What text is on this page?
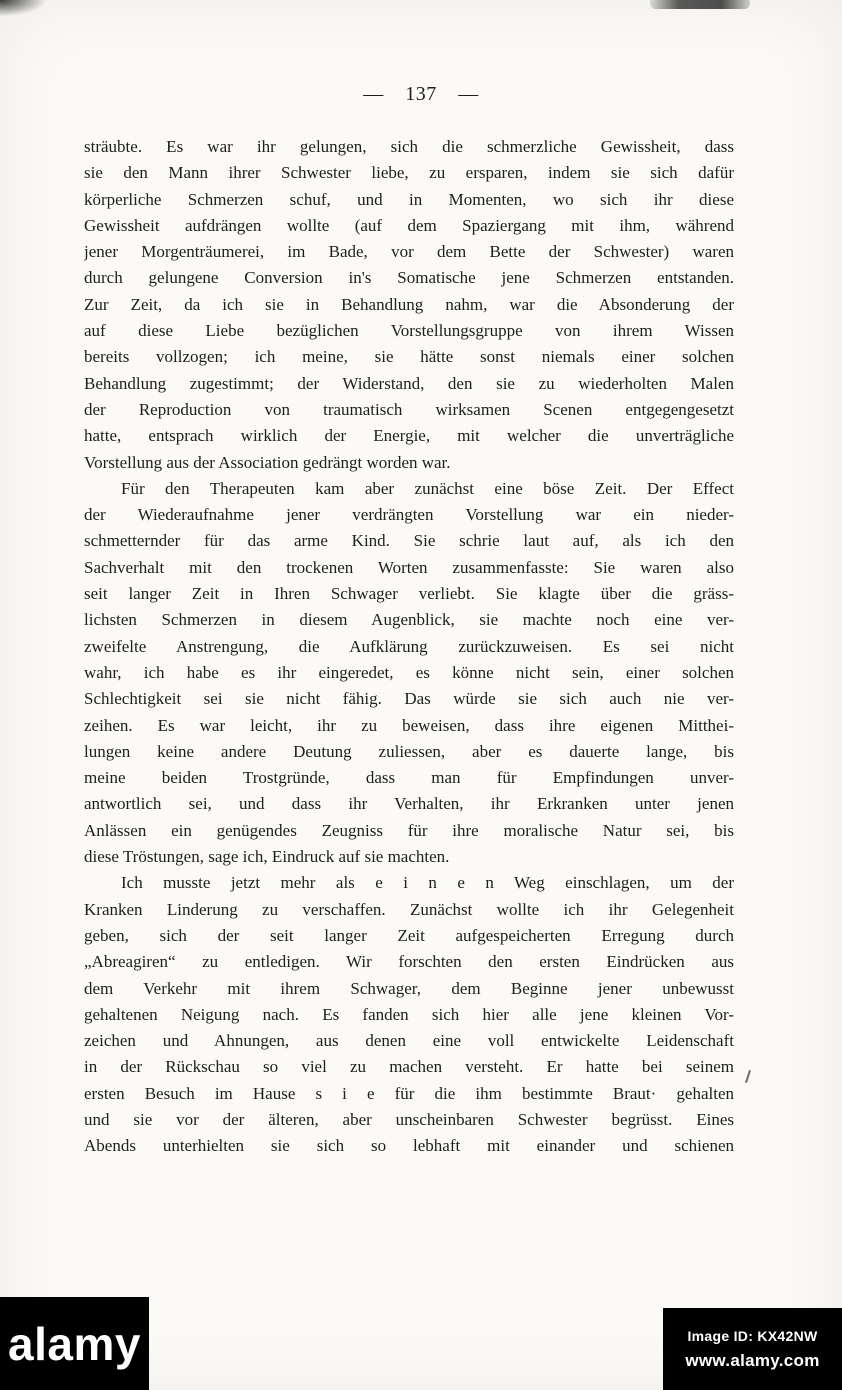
— 137 —
sträubte. Es war ihr gelungen, sich die schmerzliche Gewissheit, dass
sie den Mann ihrer Schwester liebe, zu ersparen, indem sie sich dafür
körperliche Schmerzen schuf, und in Momenten, wo sich ihr diese
Gewissheit aufdrängen wollte (auf dem Spaziergang mit ihm, während
jener Morgenträumerei, im Bade, vor dem Bette der Schwester) waren
durch gelungene Conversion in's Somatische jene Schmerzen entstanden.
Zur Zeit, da ich sie in Behandlung nahm, war die Absonderung der
auf diese Liebe bezüglichen Vorstellungsgruppe von ihrem Wissen
bereits vollzogen; ich meine, sie hätte sonst niemals einer solchen
Behandlung zugestimmt; der Widerstand, den sie zu wiederholten Malen
der Reproduction von traumatisch wirksamen Scenen entgegengesetzt
hatte, entsprach wirklich der Energie, mit welcher die unverträgliche
Vorstellung aus der Association gedrängt worden war.
Für den Therapeuten kam aber zunächst eine böse Zeit. Der Effect
der Wiederaufnahme jener verdrängten Vorstellung war ein nieder-
schmetternder für das arme Kind. Sie schrie laut auf, als ich den
Sachverhalt mit den trockenen Worten zusammenfasste: Sie waren also
seit langer Zeit in Ihren Schwager verliebt. Sie klagte über die gräss-
lichsten Schmerzen in diesem Augenblick, sie machte noch eine ver-
zweifelte Anstrengung, die Aufklärung zurückzuweisen. Es sei nicht
wahr, ich habe es ihr eingeredet, es könne nicht sein, einer solchen
Schlechtigkeit sei sie nicht fähig. Das würde sie sich auch nie ver-
zeihen. Es war leicht, ihr zu beweisen, dass ihre eigenen Mitthei-
lungen keine andere Deutung zuliessen, aber es dauerte lange, bis
meine beiden Trostgründe, dass man für Empfindungen unver-
antwortlich sei, und dass ihr Verhalten, ihr Erkranken unter jenen
Anlässen ein genügendes Zeugniss für ihre moralische Natur sei, bis
diese Tröstungen, sage ich, Eindruck auf sie machten.
Ich musste jetzt mehr als e i n e n Weg einschlagen, um der
Kranken Linderung zu verschaffen. Zunächst wollte ich ihr Gelegenheit
geben, sich der seit langer Zeit aufgespeicherten Erregung durch
„Abreagiren“ zu entledigen. Wir forschten den ersten Eindrücken aus
dem Verkehr mit ihrem Schwager, dem Beginne jener unbewusst
gehaltenen Neigung nach. Es fanden sich hier alle jene kleinen Vor-
zeichen und Ahnungen, aus denen eine voll entwickelte Leidenschaft
in der Rückschau so viel zu machen versteht. Er hatte bei seinem
ersten Besuch im Hause s i e für die ihm bestimmte Braut· gehalten
und sie vor der älteren, aber unscheinbaren Schwester begrüsst. Eines
Abends unterhielten sie sich so lebhaft mit einander und schienen
alamy	Image ID: KX42NW
www.alamy.com
